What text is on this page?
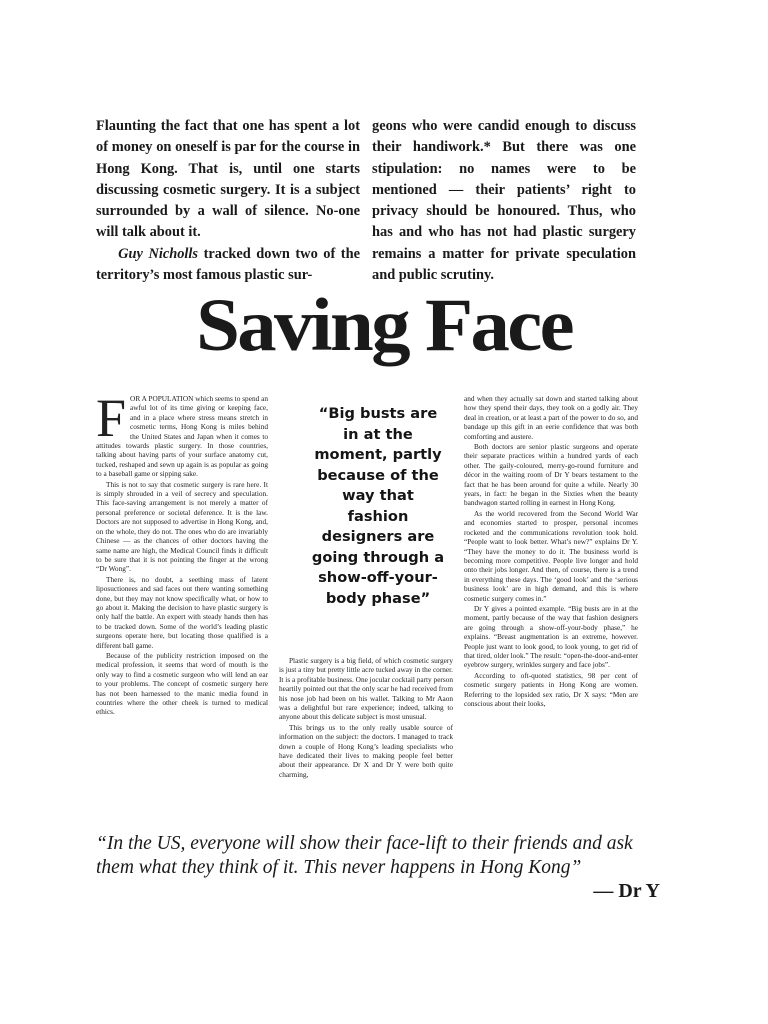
Flaunting the fact that one has spent a lot of money on oneself is par for the course in Hong Kong. That is, until one starts discussing cosmetic surgery. It is a subject surrounded by a wall of silence. No-one will talk about it.
Guy Nicholls tracked down two of the territory’s most famous plastic sur-

geons who were candid enough to discuss their handiwork.* But there was one stipulation: no names were to be mentioned — their patients’ right to privacy should be honoured. Thus, who has and who has not had plastic surgery remains a matter for private speculation and public scrutiny.

Saving Face

FOR A POPULATION which seems to spend an awful lot of its time giving or keeping face, and in a place where stress means stretch in cosmetic terms, Hong Kong is miles behind the United States and Japan when it comes to attitudes towards plastic surgery. In those countries, talking about having parts of your surface anatomy cut, tucked, reshaped and sewn up again is as popular as going to a baseball game or sipping sake.

This is not to say that cosmetic surgery is rare here. It is simply shrouded in a veil of secrecy and speculation. This face-saving arrangement is not merely a matter of personal preference or societal deference. It is the law. Doctors are not supposed to advertise in Hong Kong, and, on the whole, they do not. The ones who do are invariably Chinese — as the chances of other doctors having the same name are high, the Medical Council finds it difficult to be sure that it is not pointing the finger at the wrong “Dr Wong”.

There is, no doubt, a seething mass of latent liposuctionees and sad faces out there wanting something done, but they may not know specifically what, or how to go about it. Making the decision to have plastic surgery is only half the battle. An expert with steady hands then has to be tracked down. Some of the world’s leading plastic surgeons operate here, but locating those qualified is a different ball game.

Because of the publicity restriction imposed on the medical profession, it seems that word of mouth is the only way to find a cosmetic surgeon who will lend an ear to your problems. The concept of cosmetic surgery here has not been harnessed to the manic media found in countries where the other cheek is turned to medical ethics.

Plastic surgery is a big field, of which cosmetic surgery is just a tiny but pretty little acre tucked away in the corner. It is a profitable business. One jocular cocktail party person heartily pointed out that the only scar he had received from his nose job had been on his wallet. Talking to Mr Aaon was a delightful but rare experience; indeed, talking to anyone about this delicate subject is most unusual.

This brings us to the only really usable source of information on the subject: the doctors. I managed to track down a couple of Hong Kong’s leading specialists who have dedicated their lives to making people feel better about their appearance. Dr X and Dr Y were both quite charming,

and when they actually sat down and started talking about how they spend their days, they took on a godly air. They deal in creation, or at least a part of the power to do so, and bandage up this gift in an eerie confidence that was both comforting and austere.

Both doctors are senior plastic surgeons and operate their separate practices within a hundred yards of each other. The gaily-coloured, merry-go-round furniture and décor in the waiting room of Dr Y bears testament to the fact that he has been around for quite a while. Nearly 30 years, in fact: he began in the Sixties when the beauty bandwagon started rolling in earnest in Hong Kong.

As the world recovered from the Second World War and economies started to prosper, personal incomes rocketed and the communications revolution took hold. “People want to look better. What’s new?” explains Dr Y. “They have the money to do it. The business world is becoming more competitive. People live longer and hold onto their jobs longer. And then, of course, there is a trend in everything these days. The ‘good look’ and the ‘serious business look’ are in high demand, and this is where cosmetic surgery comes in.”

Dr Y gives a pointed example. “Big busts are in at the moment, partly because of the way that fashion designers are going through a show-off-your-body phase,” he explains. “Breast augmentation is an extreme, however. People just want to look good, to look young, to get rid of that tired, older look.” The result: “open-the-door-and-enter eyebrow surgery, wrinkles surgery and face jobs”.

According to oft-quoted statistics, 98 per cent of cosmetic surgery patients in Hong Kong are women. Referring to the lopsided sex ratio, Dr X says: “Men are conscious about their looks,

“Big busts are in at the moment, partly because of the way that fashion designers are going through a show-off-your-body phase”
“In the US, everyone will show their face-lift to their friends and ask them what they think of it. This never happens in Hong Kong”
— Dr Y
